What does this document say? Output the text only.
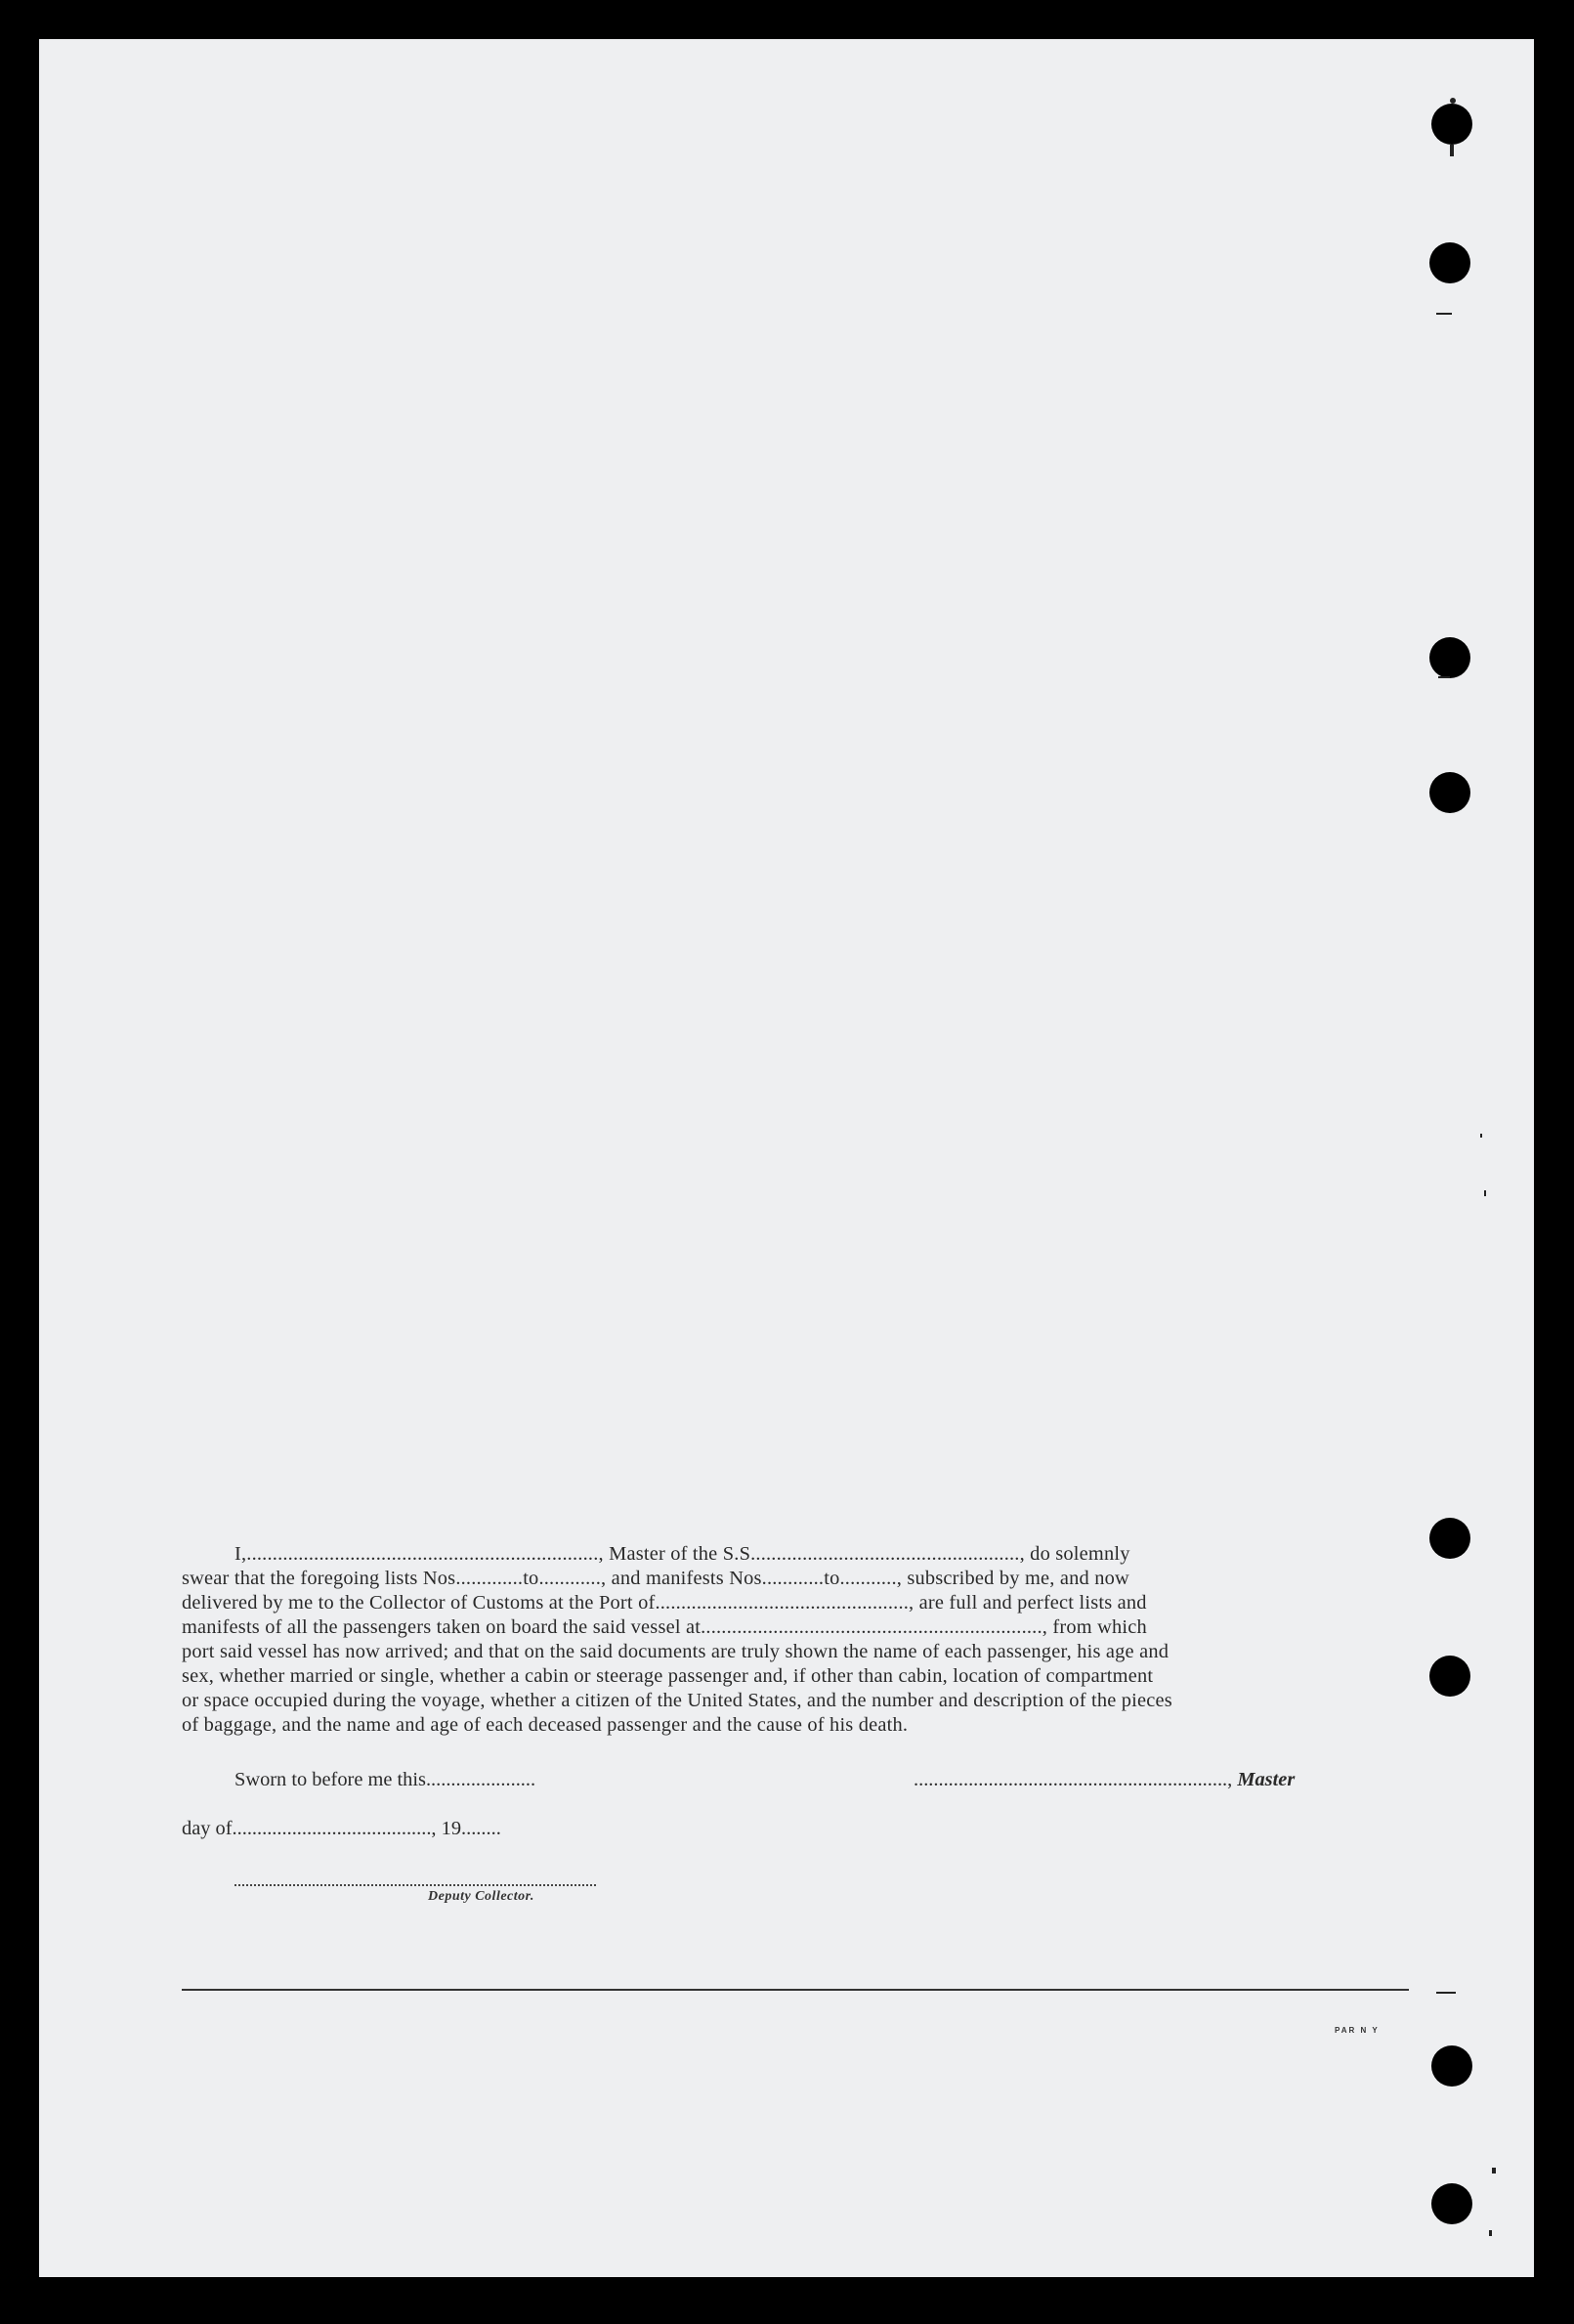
I,...................................................................., Master of the S.S...................................................., do solemnly

swear that the foregoing lists Nos.............to............, and manifests Nos............to..........., subscribed by me, and now

delivered by me to the Collector of Customs at the Port of................................................., are full and perfect lists and

manifests of all the passengers taken on board the said vessel at.................................................................., from which

port said vessel has now arrived; and that on the said documents are truly shown the name of each passenger, his age and

sex, whether married or single, whether a cabin or steerage passenger and, if other than cabin, location of compartment

or space occupied during the voyage, whether a citizen of the United States, and the number and description of the pieces

of baggage, and the name and age of each deceased passenger and the cause of his death.

Sworn to before me this......................	..............................................................., Master
day of........................................, 19........
Deputy Collector.
PAR N Y
